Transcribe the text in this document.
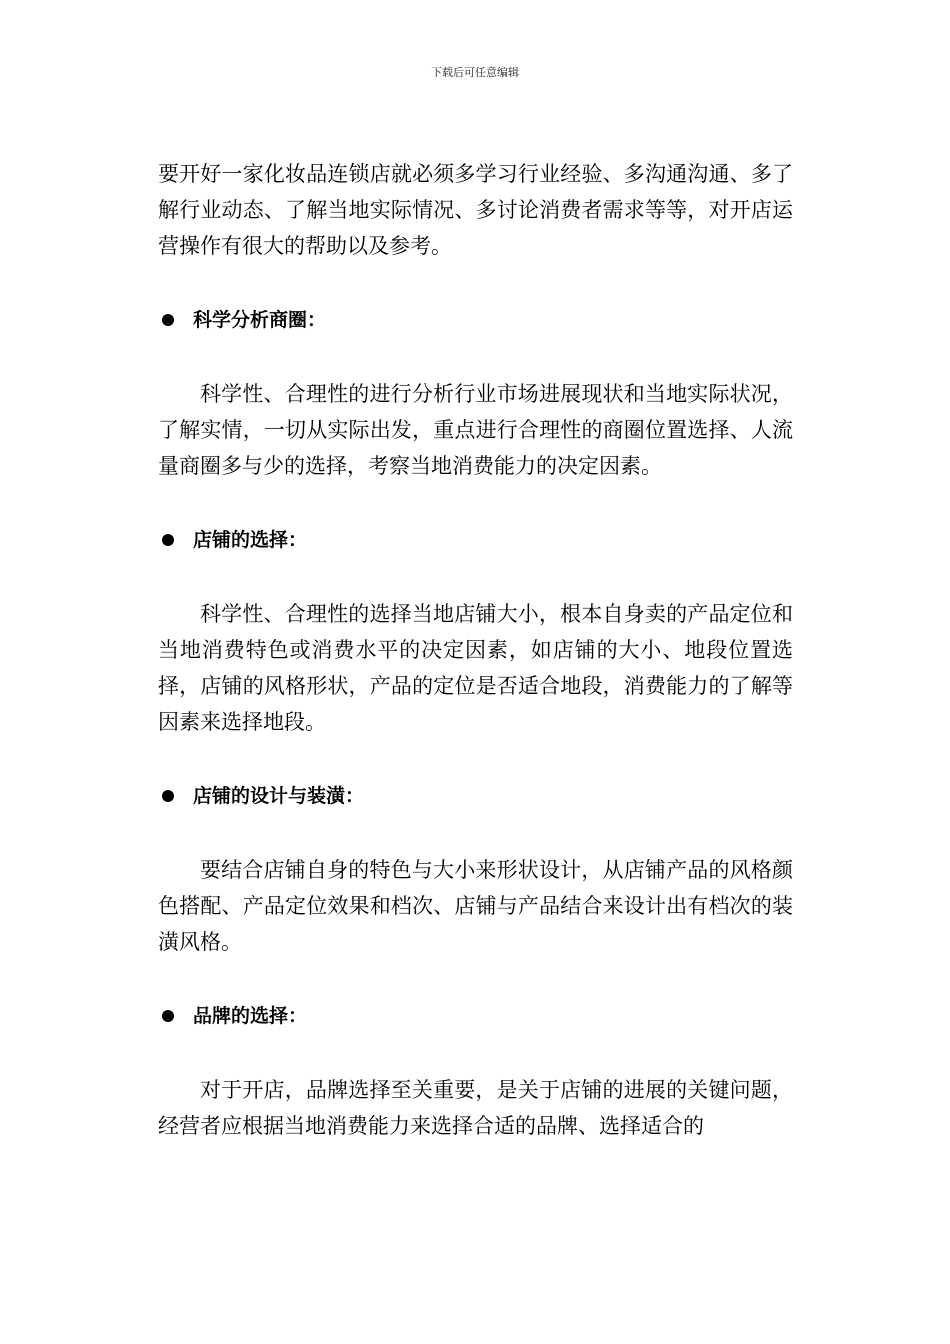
下载后可任意编辑

要开好一家化妆品连锁店就必须多学习行业经验、多沟通沟通、多了解行业动态、了解当地实际情况、多讨论消费者需求等等，对开店运营操作有很大的帮助以及参考。

科学分析商圈：

科学性、合理性的进行分析行业市场进展现状和当地实际状况，了解实情，一切从实际出发，重点进行合理性的商圈位置选择、人流量商圈多与少的选择，考察当地消费能力的决定因素。

店铺的选择：

科学性、合理性的选择当地店铺大小，根本自身卖的产品定位和当地消费特色或消费水平的决定因素，如店铺的大小、地段位置选择，店铺的风格形状，产品的定位是否适合地段，消费能力的了解等因素来选择地段。

店铺的设计与装潢：

要结合店铺自身的特色与大小来形状设计，从店铺产品的风格颜色搭配、产品定位效果和档次、店铺与产品结合来设计出有档次的装潢风格。

品牌的选择：

对于开店，品牌选择至关重要，是关于店铺的进展的关键问题，经营者应根据当地消费能力来选择合适的品牌、选择适合的
